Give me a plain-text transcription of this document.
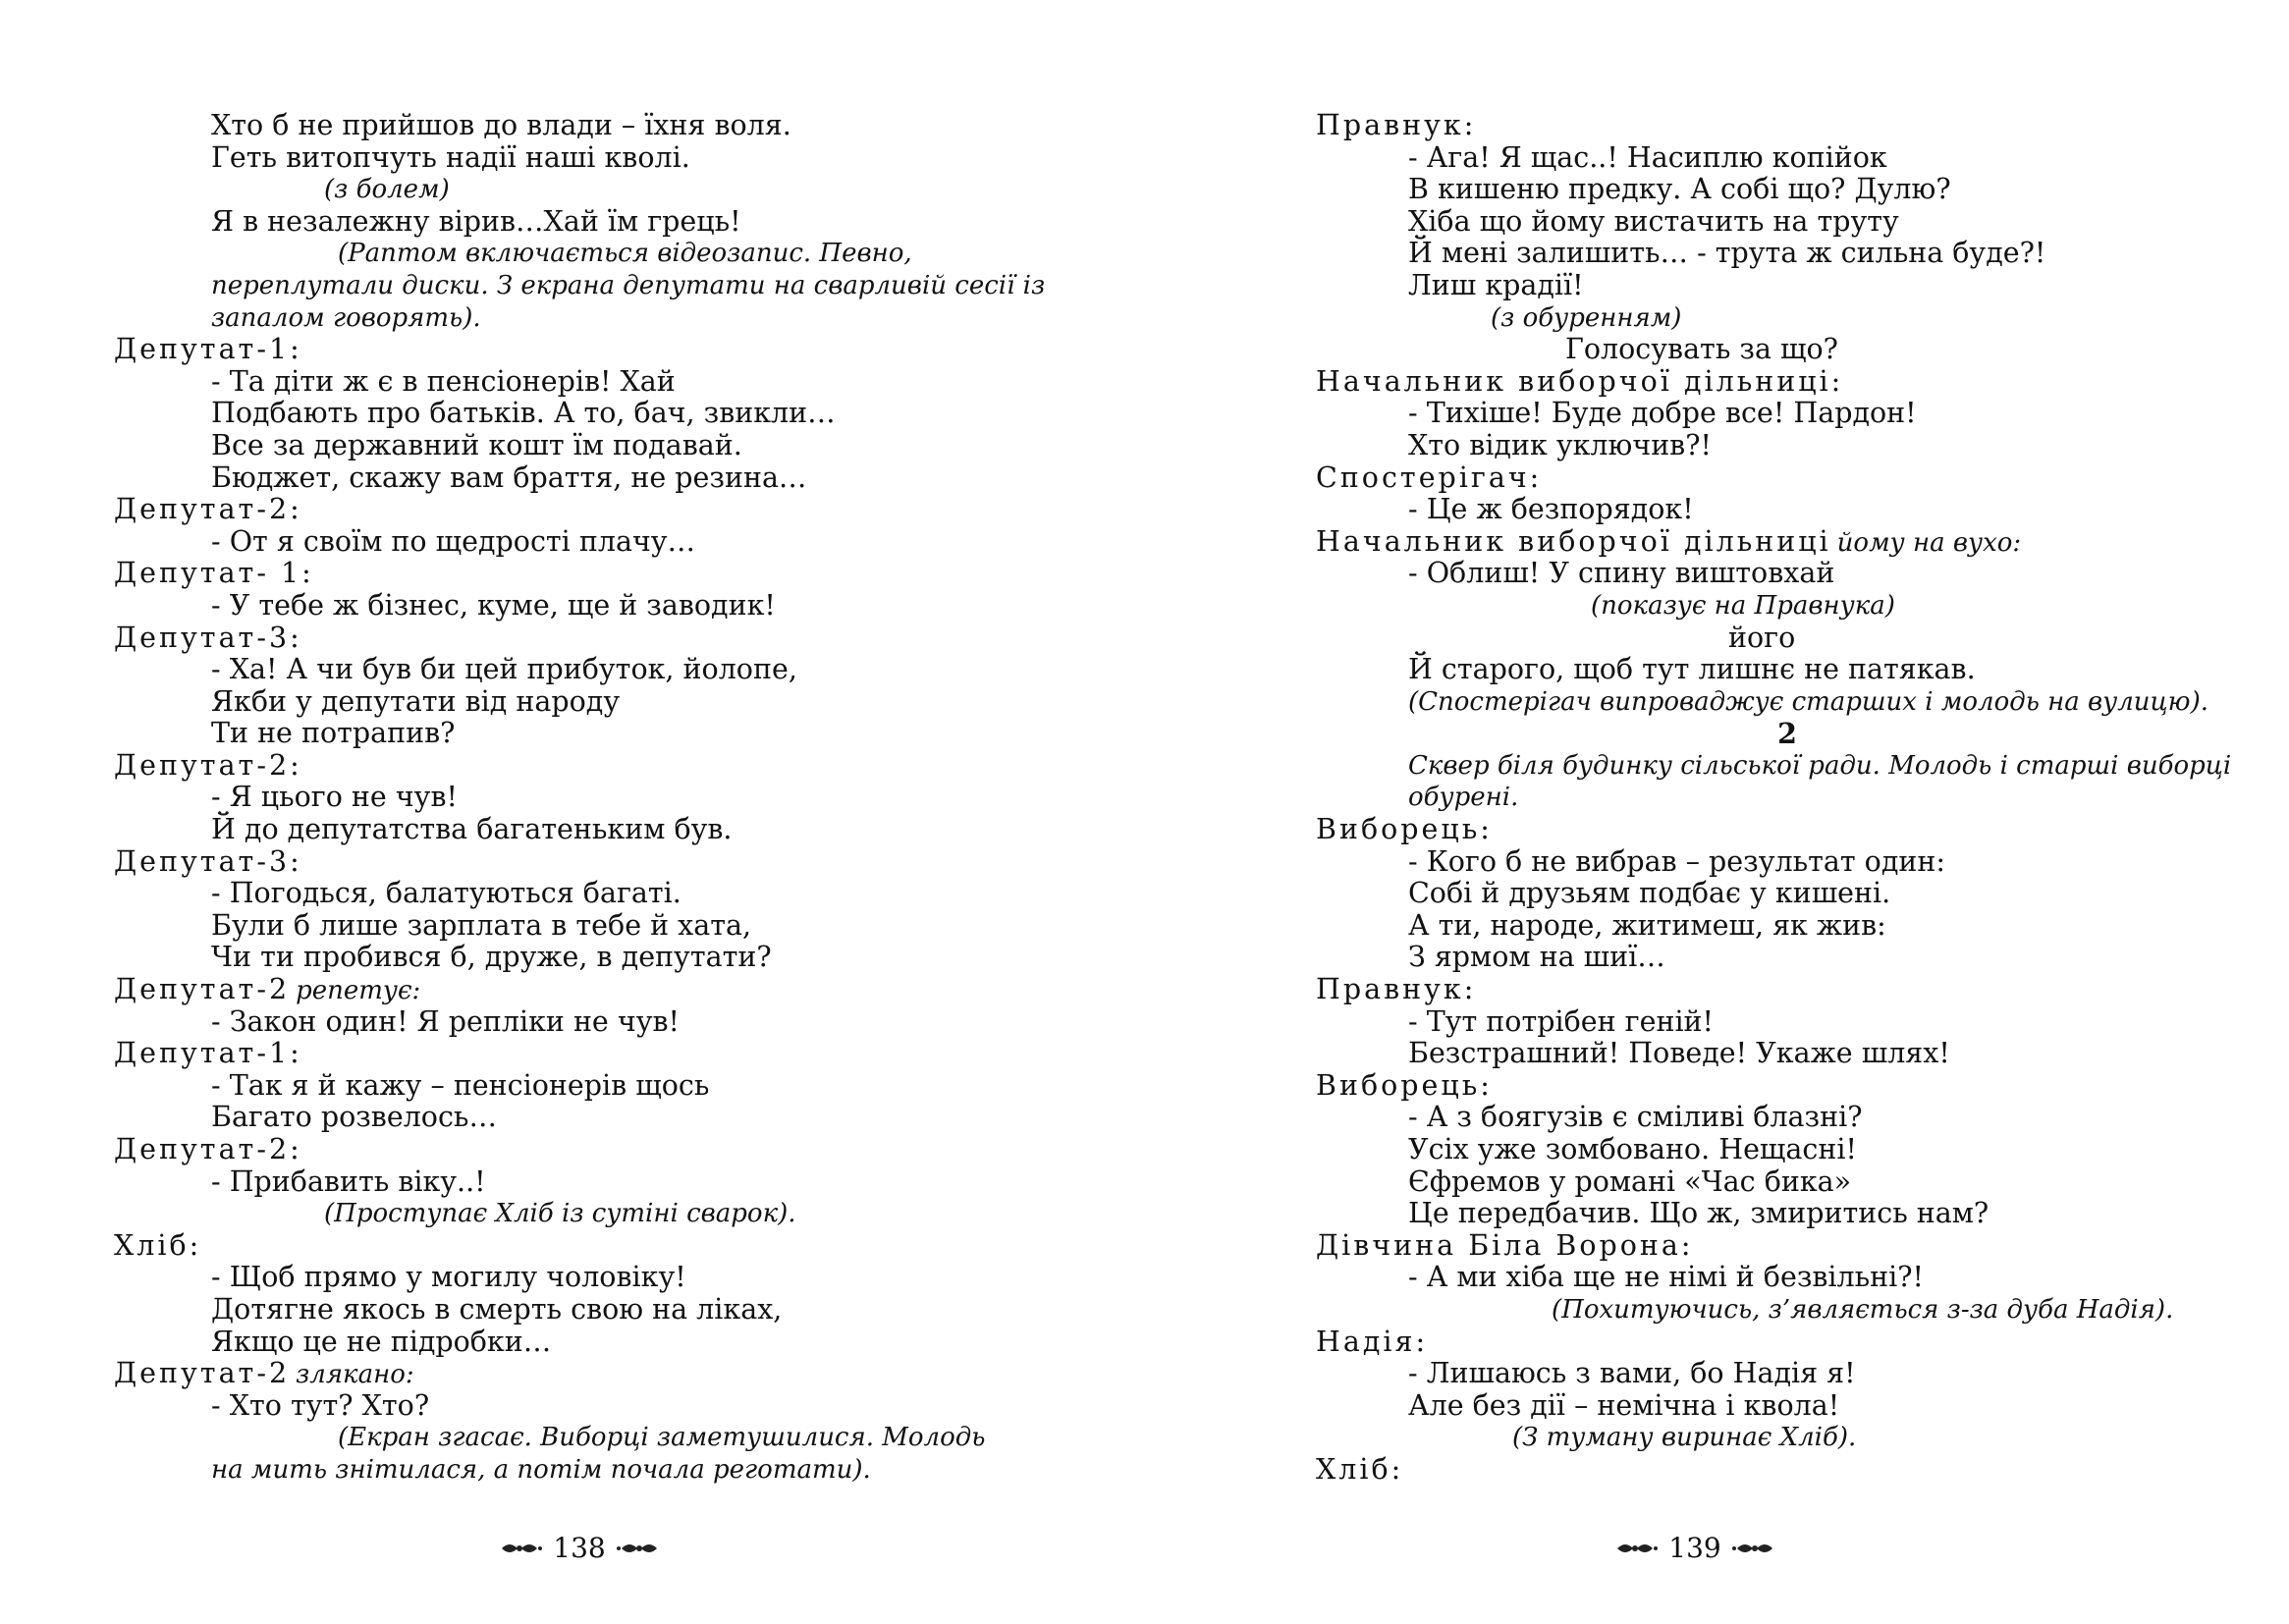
Хто б не прийшов до влади – їхня воля.
Геть витопчуть надії наші кволі.
(з болем)
Я в незалежну вірив…Хай їм грець!
(Раптом включається відеозапис. Певно,
переплутали диски. З екрана депутати на сварливій сесії із
запалом говорять).
Депутат-1:
- Та діти ж є в пенсіонерів! Хай
Подбають про батьків. А то, бач, звикли…
Все за державний кошт їм подавай.
Бюджет, скажу вам браття, не резина…
Депутат-2:
- От я своїм по щедрості плачу…
Депутат- 1:
- У тебе ж бізнес, куме, ще й заводик!
Депутат-3:
- Ха! А чи був би цей прибуток, йолопе,
Якби у депутати від народу
Ти не потрапив?
Депутат-2:
- Я цього не чув!
Й до депутатства багатеньким був.
Депутат-3:
- Погодься, балатуються багаті.
Були б лише зарплата в тебе й хата,
Чи ти пробився б, друже, в депутати?
Депутат-2 репетує:
- Закон один! Я репліки не чув!
Депутат-1:
- Так я й кажу – пенсіонерів щось
Багато розвелось…
Депутат-2:
- Прибавить віку..!
(Проступає Хліб із сутіні сварок).
Хліб:
- Щоб прямо у могилу чоловіку!
Дотягне якось в смерть свою на ліках,
Якщо це не підробки…
Депутат-2 злякано:
- Хто тут? Хто?
(Екран згасає. Виборці заметушилися. Молодь
на мить знітилася, а потім почала реготати).
138
Правнук:
- Ага! Я щас..! Насиплю копійок
В кишеню предку. А собі що? Дулю?
Хіба що йому вистачить на труту
Й мені залишить… - трута ж сильна буде?!
Лиш крадії!
(з обуренням)
Голосувать за що?
Начальник виборчої дільниці:
- Тихіше! Буде добре все! Пардон!
Хто відик уключив?!
Спостерігач:
- Це ж безпорядок!
Начальник виборчої дільниці йому на вухо:
- Облиш! У спину виштовхай
(показує на Правнука)
його
Й старого, щоб тут лишнє не патякав.
(Спостерігач випроваджує старших і молодь на вулицю).
2
Сквер біля будинку сільської ради. Молодь і старші виборці
обурені.
Виборець:
- Кого б не вибрав – результат один:
Собі й друзьям подбає у кишені.
А ти, народе, житимеш, як жив:
З ярмом на шиї…
Правнук:
- Тут потрібен геній!
Безстрашний! Поведе! Укаже шлях!
Виборець:
- А з боягузів є сміливі блазні?
Усіх уже зомбовано. Нещасні!
Єфремов у романі «Час бика»
Це передбачив. Що ж, змиритись нам?
Дівчина Біла Ворона:
- А ми хіба ще не німі й безвільні?!
(Похитуючись, з’являється з-за дуба Надія).
Надія:
- Лишаюсь з вами, бо Надія я!
Але без дії – немічна і квола!
(З туману виринає Хліб).
Хліб:
139
